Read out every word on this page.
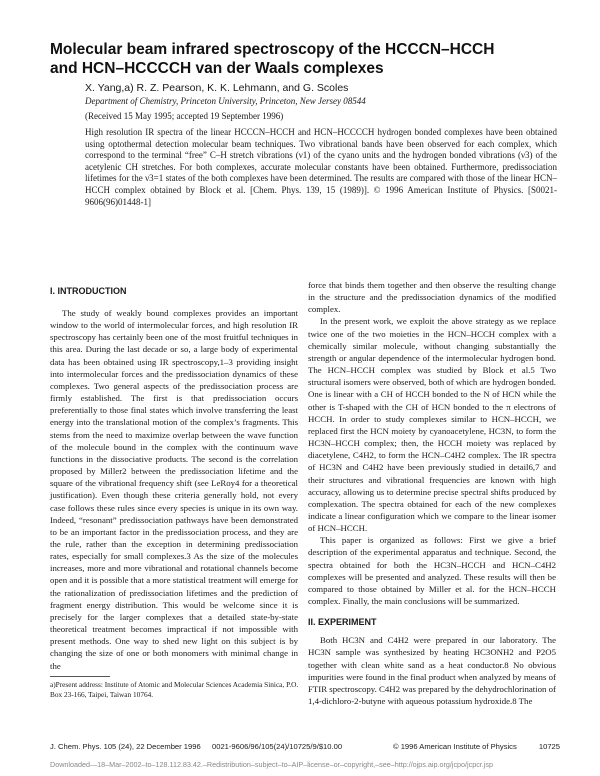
Molecular beam infrared spectroscopy of the HCCCN–HCCH and HCN–HCCCCH van der Waals complexes

X. Yang,a) R. Z. Pearson, K. K. Lehmann, and G. Scoles

Department of Chemistry, Princeton University, Princeton, New Jersey 08544

(Received 15 May 1995; accepted 19 September 1996)

High resolution IR spectra of the linear HCCCN–HCCH and HCN–HCCCCH hydrogen bonded complexes have been obtained using optothermal detection molecular beam techniques. Two vibrational bands have been observed for each complex, which correspond to the terminal “free” C–H stretch vibrations (ν1) of the cyano units and the hydrogen bonded vibrations (ν3) of the acetylenic CH stretches. For both complexes, accurate molecular constants have been obtained. Furthermore, predissociation lifetimes for the ν3=1 states of the both complexes have been determined. The results are compared with those of the linear HCN–HCCH complex obtained by Block et al. [Chem. Phys. 139, 15 (1989)]. © 1996 American Institute of Physics. [S0021-9606(96)01448-1]

I. INTRODUCTION

The study of weakly bound complexes provides an important window to the world of intermolecular forces, and high resolution IR spectroscopy has certainly been one of the most fruitful techniques in this area. During the last decade or so, a large body of experimental data has been obtained using IR spectroscopy,1–3 providing insight into intermolecular forces and the predissociation dynamics of these complexes. Two general aspects of the predissociation process are firmly established. The first is that predissociation occurs preferentially to those final states which involve transferring the least energy into the translational motion of the complex’s fragments. This stems from the need to maximize overlap between the wave function of the molecule bound in the complex with the continuum wave functions in the dissociative products. The second is the correlation proposed by Miller2 between the predissociation lifetime and the square of the vibrational frequency shift (see LeRoy4 for a theoretical justification). Even though these criteria generally hold, not every case follows these rules since every species is unique in its own way. Indeed, “resonant” predissociation pathways have been demonstrated to be an important factor in the predissociation process, and they are the rule, rather than the exception in determining predissociation rates, especially for small complexes.3 As the size of the molecules increases, more and more vibrational and rotational channels become open and it is possible that a more statistical treatment will emerge for the rationalization of predissociation lifetimes and the prediction of fragment energy distribution. This would be welcome since it is precisely for the larger complexes that a detailed state-by-state theoretical treatment becomes impractical if not impossible with present methods. One way to shed new light on this subject is by changing the size of one or both monomers with minimal change in the

force that binds them together and then observe the resulting change in the structure and the predissociation dynamics of the modified complex.

In the present work, we exploit the above strategy as we replace twice one of the two moieties in the HCN–HCCH complex with a chemically similar molecule, without changing substantially the strength or angular dependence of the intermolecular hydrogen bond. The HCN–HCCH complex was studied by Block et al.5 Two structural isomers were observed, both of which are hydrogen bonded. One is linear with a CH of HCCH bonded to the N of HCN while the other is T-shaped with the CH of HCN bonded to the π electrons of HCCH. In order to study complexes similar to HCN–HCCH, we replaced first the HCN moiety by cyanoacetylene, HC3N, to form the HC3N–HCCH complex; then, the HCCH moiety was replaced by diacetylene, C4H2, to form the HCN–C4H2 complex. The IR spectra of HC3N and C4H2 have been previously studied in detail6,7 and their structures and vibrational frequencies are known with high accuracy, allowing us to determine precise spectral shifts produced by complexation. The spectra obtained for each of the new complexes indicate a linear configuration which we compare to the linear isomer of HCN–HCCH.

This paper is organized as follows: First we give a brief description of the experimental apparatus and technique. Second, the spectra obtained for both the HC3N–HCCH and HCN–C4H2 complexes will be presented and analyzed. These results will then be compared to those obtained by Miller et al. for the HCN–HCCH complex. Finally, the main conclusions will be summarized.

II. EXPERIMENT

Both HC3N and C4H2 were prepared in our laboratory. The HC3N sample was synthesized by heating HC3ONH2 and P2O5 together with clean white sand as a heat conductor.8 No obvious impurities were found in the final product when analyzed by means of FTIR spectroscopy. C4H2 was prepared by the dehydrochlorination of 1,4-dichloro-2-butyne with aqueous potassium hydroxide.8 The

a)Present address: Institute of Atomic and Molecular Sciences Academia Sinica, P.O. Box 23-166, Taipei, Taiwan 10764.

J. Chem. Phys. 105 (24), 22 December 1996 0021-9606/96/105(24)/10725/9/$10.00	© 1996 American Institute of Physics	10725

Downloaded—18–Mar–2002–to–128.112.83.42.–Redistribution–subject–to–AIP–license–or–copyright,–see–http://ojps.aip.org/jcpo/jcpcr.jsp
